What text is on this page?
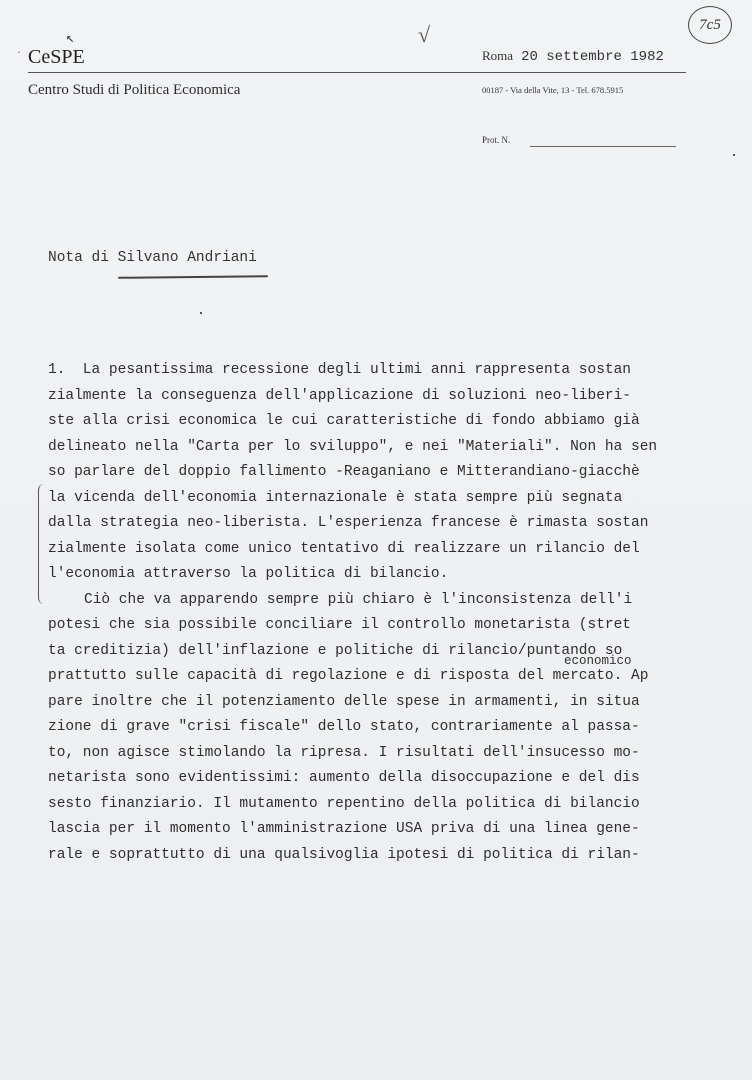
´
↖
CeSPE
√	7c5
Roma 20 settembre 1982
Centro Studi di Politica Economica	00187 - Via della Vite, 13 - Tel. 678.5915
Prot. N.
Nota di Silvano Andriani
economico
1.  La pesantissima recessione degli ultimi anni rappresenta sostan
zialmente la conseguenza dell'applicazione di soluzioni neo-liberi-
ste alla crisi economica le cui caratteristiche di fondo abbiamo già
delineato nella "Carta per lo sviluppo", e nei "Materiali". Non ha sen
so parlare del doppio fallimento -Reaganiano e Mitterandiano-giacchè
la vicenda dell'economia internazionale è stata sempre più segnata
dalla strategia neo-liberista. L'esperienza francese è rimasta sostan
zialmente isolata come unico tentativo di realizzare un rilancio del
l'economia attraverso la politica di bilancio.
Ciò che va apparendo sempre più chiaro è l'inconsistenza dell'i
potesi che sia possibile conciliare il controllo monetarista (stret
ta creditizia) dell'inflazione e politiche di rilancio/puntando so
prattutto sulle capacità di regolazione e di risposta del mercato. Ap
pare inoltre che il potenziamento delle spese in armamenti, in situa
zione di grave "crisi fiscale" dello stato, contrariamente al passa-
to, non agisce stimolando la ripresa. I risultati dell'insucesso mo-
netarista sono evidentissimi: aumento della disoccupazione e del dis
sesto finanziario. Il mutamento repentino della politica di bilancio
lascia per il momento l'amministrazione USA priva di una linea gene-
rale e soprattutto di una qualsivoglia ipotesi di politica di rilan-
